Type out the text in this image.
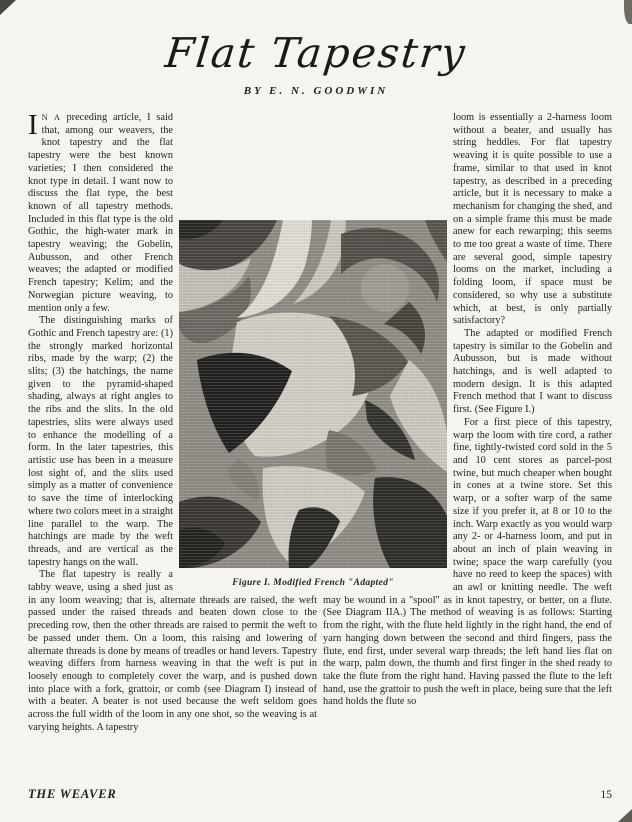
Flat Tapestry
BY E. N. GOODWIN

I N A preceding article, I said that, among our weavers, the knot tapestry and the flat tapestry were the best known varieties; I then considered the knot type in detail. I want now to discuss the flat type, the best known of all tapestry methods. Included in this flat type is the old Gothic, the high-water mark in tapestry weaving; the Gobelin, Aubusson, and other French weaves; the adapted or modified French tapestry; Kelim; and the Norwegian picture weaving, to mention only a few.

The distinguishing marks of Gothic and French tapestry are: (1) the strongly marked horizontal ribs, made by the warp; (2) the slits; (3) the hatchings, the name given to the pyramid-shaped shading, always at right angles to the ribs and the slits. In the old tapestries, slits were always used to enhance the modelling of a form. In the later tapestries, this artistic use has been in a measure lost sight of, and the slits used simply as a matter of convenience to save the time of interlocking where two colors meet in a straight line parallel to the warp. The hatchings are made by the weft threads, and are vertical as the tapestry hangs on the wall.

The flat tapestry is really a tabby weave, using a shed just as in any loom weaving; that is, alternate threads are raised, the weft passed under the raised threads and beaten down close to the preceding row, then the other threads are raised to permit the weft to be passed under them. On a loom, this raising and lowering of alternate threads is done by means of treadles or hand levers. Tapestry weaving differs from harness weaving in that the weft is put in loosely enough to completely cover the warp, and is pushed down into place with a fork, grattoir, or comb (see Diagram I) instead of with a beater. A beater is not used because the weft seldom goes across the full width of the loom in any one shot, so the weaving is at varying heights. A tapestry

loom is essentially a 2-harness loom without a beater, and usually has string heddles. For flat tapestry weaving it is quite possible to use a frame, similar to that used in knot tapestry, as described in a preceding article, but it is necessary to make a mechanism for changing the shed, and on a simple frame this must be made anew for each rewarping; this seems to me too great a waste of time. There are several good, simple tapestry looms on the market, including a folding loom, if space must be considered, so why use a substitute which, at best, is only partially satisfactory?

The adapted or modified French tapestry is similar to the Gobelin and Aubusson, but is made without hatchings, and is well adapted to modern design. It is this adapted French method that I want to discuss first. (See Figure I.)

For a first piece of this tapestry, warp the loom with tire cord, a rather fine, tightly-twisted cord sold in the 5 and 10 cent stores as parcel-post twine, but much cheaper when bought in cones at a twine store. Set this warp, or a softer warp of the same size if you prefer it, at 8 or 10 to the inch. Warp exactly as you would warp any 2- or 4-harness loom, and put in about an inch of plain weaving in twine; space the warp carefully (you have no reed to keep the spaces) with an awl or knitting needle. The weft may be wound in a "spool" as in knot tapestry, or better, on a flute. (See Diagram IIA.) The method of weaving is as follows: Starting from the right, with the flute held lightly in the right hand, the end of yarn hanging down between the second and third fingers, pass the flute, end first, under several warp threads; the left hand lies flat on the warp, palm down, the thumb and first finger in the shed ready to take the flute from the right hand. Having passed the flute to the left hand, use the grattoir to push the weft in place, being sure that the left hand holds the flute so

Figure I. Modified French "Adapted"
THE WEAVER	15
